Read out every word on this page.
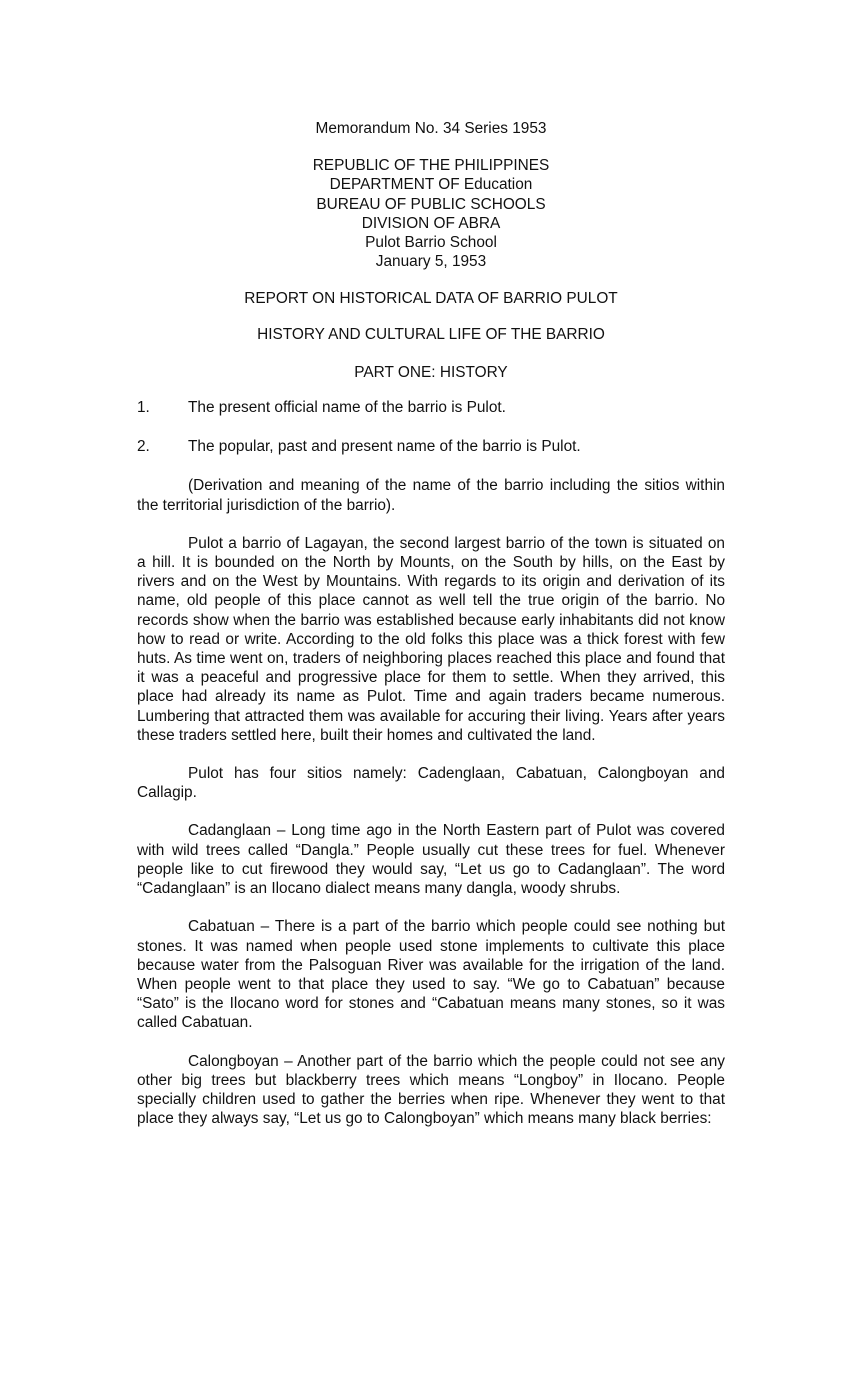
Memorandum No. 34 Series 1953
REPUBLIC OF THE PHILIPPINES
DEPARTMENT OF Education
BUREAU OF PUBLIC SCHOOLS
DIVISION OF ABRA
Pulot Barrio School
January 5, 1953
REPORT ON HISTORICAL DATA OF BARRIO PULOT
HISTORY AND CULTURAL LIFE OF THE BARRIO
PART ONE: HISTORY
1.	The present official name of the barrio is Pulot.
2.	The popular, past and present name of the barrio is Pulot.

(Derivation and meaning of the name of the barrio including the sitios within the territorial jurisdiction of the barrio).

Pulot a barrio of Lagayan, the second largest barrio of the town is situated on a hill. It is bounded on the North by Mounts, on the South by hills, on the East by rivers and on the West by Mountains. With regards to its origin and derivation of its name, old people of this place cannot as well tell the true origin of the barrio. No records show when the barrio was established because early inhabitants did not know how to read or write. According to the old folks this place was a thick forest with few huts. As time went on, traders of neighboring places reached this place and found that it was a peaceful and progressive place for them to settle. When they arrived, this place had already its name as Pulot. Time and again traders became numerous. Lumbering that attracted them was available for accuring their living. Years after years these traders settled here, built their homes and cultivated the land.

Pulot has four sitios namely: Cadenglaan, Cabatuan, Calongboyan and Callagip.

Cadanglaan – Long time ago in the North Eastern part of Pulot was covered with wild trees called “Dangla.” People usually cut these trees for fuel. Whenever people like to cut firewood they would say, “Let us go to Cadanglaan”. The word “Cadanglaan” is an Ilocano dialect means many dangla, woody shrubs.

Cabatuan – There is a part of the barrio which people could see nothing but stones. It was named when people used stone implements to cultivate this place because water from the Palsoguan River was available for the irrigation of the land. When people went to that place they used to say. “We go to Cabatuan” because “Sato” is the Ilocano word for stones and “Cabatuan means many stones, so it was called Cabatuan.

Calongboyan – Another part of the barrio which the people could not see any other big trees but blackberry trees which means “Longboy” in Ilocano. People specially children used to gather the berries when ripe. Whenever they went to that place they always say, “Let us go to Calongboyan” which means many black berries:
